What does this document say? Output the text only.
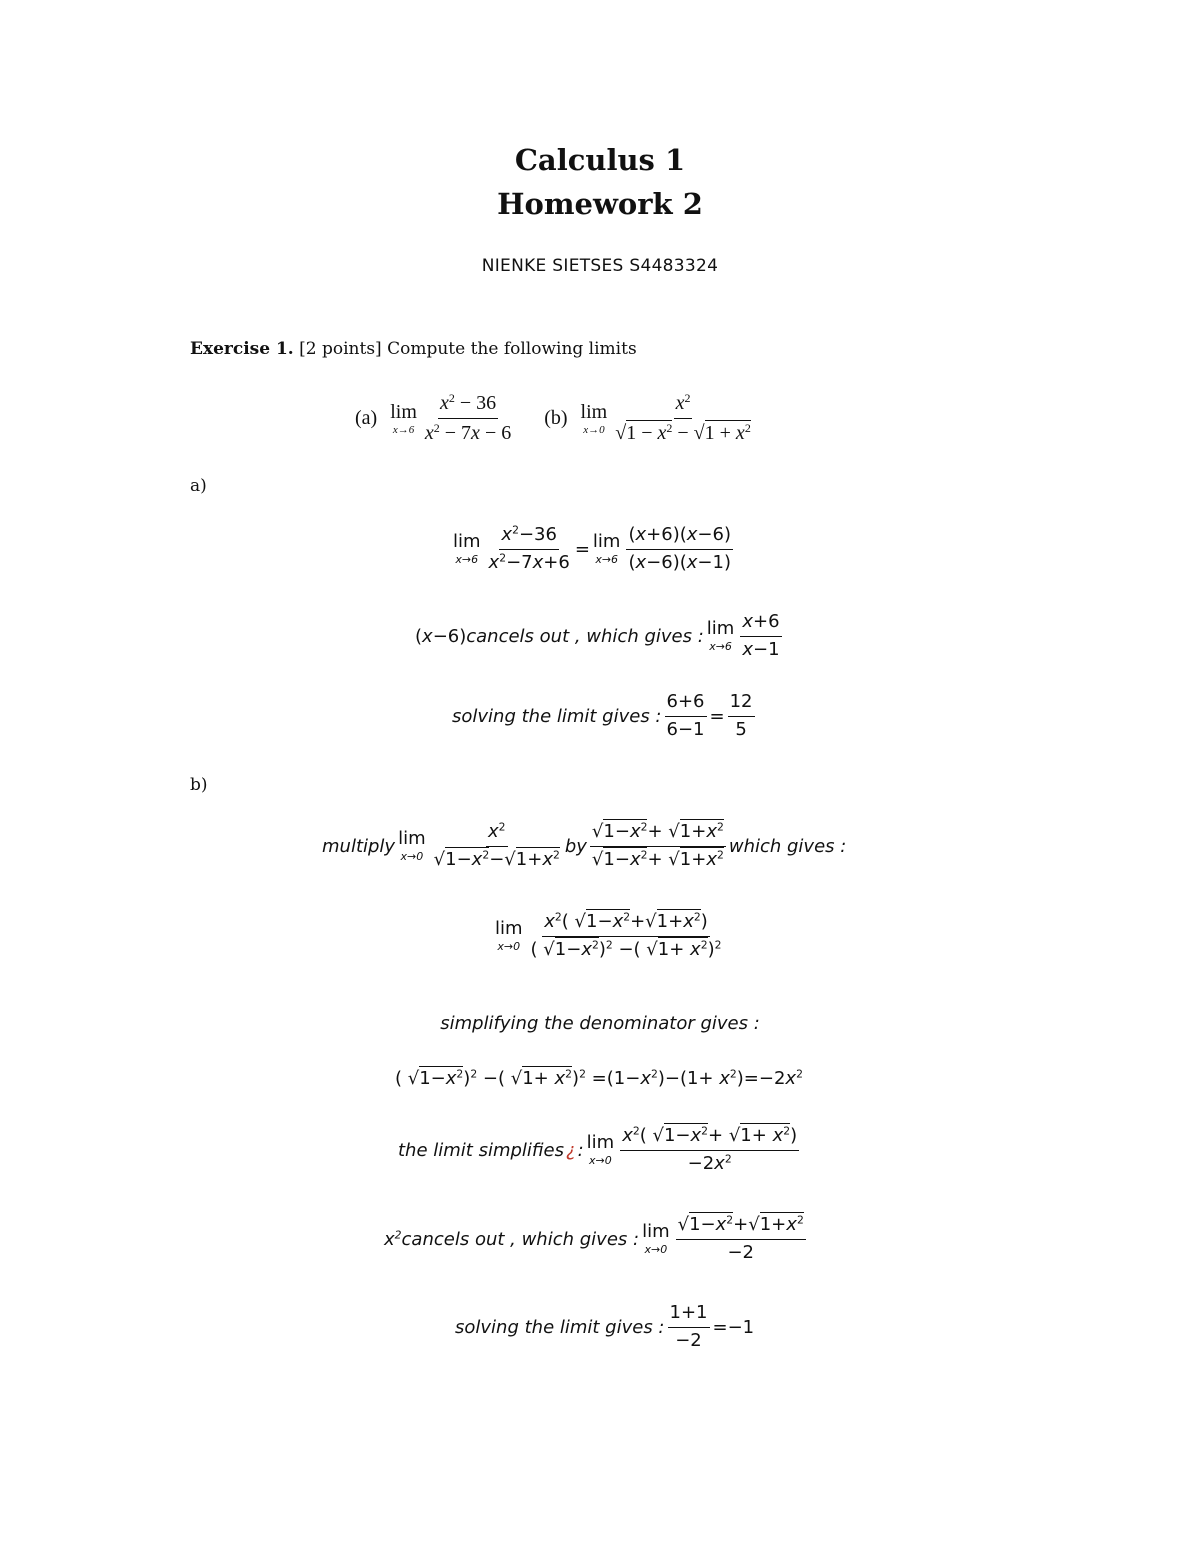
Calculus 1
Homework 2
NIENKE SIETSES S4483324
Exercise 1. [2 points] Compute the following limits
(a) lim
$x\to 6 \frac{x^2 - 36}{x^2 - 7x - 6} (b)$ lim
$x\to 0 \frac{x^2}{√1 - x^2 - √1 + x^2}$
a)
lim
$x\to 6 \frac{x^2-36}{x^2-7x+6} = \lim$
$x\to 6 \frac{(x+6)(x-6)}{(x-6)(x-1)}$
(x−6) cancels out , which gives : lim
$x\to 6 \frac{x+6}{x-1}$
solving the limit gives : $\frac{6+6}{6-1} = \frac{12}{5}$
b)
multiply lim
$x\to 0 \frac{x^2}{√1-x^2-√1+x^2}$ by $\frac{√1-x^2+ √1+x^2}{√1-x^2+ √1+x^2}$ which gives :
lim
$x\to 0 \frac{x^2( √1-x^2+√1+x^2)}{( √1-x^2)^2 -( √1+ x^2)^2}$
simplifying the denominator gives :
( $√1-x^2)^2$ −( $√1+ x^2)^2 =(1-x^2)-(1+ x^2)=-2x^2$
the limit simplifies ¿ : lim
$x\to 0 \frac{x^2( √1-x^2+ √1+ x^2)}{-2x^2}$
$x^2$ cancels out , which gives : lim
$x\to 0 \frac{√1-x^2+√1+x^2}{-2}$
solving the limit gives : $\frac{1+1}{-2} =-1$
